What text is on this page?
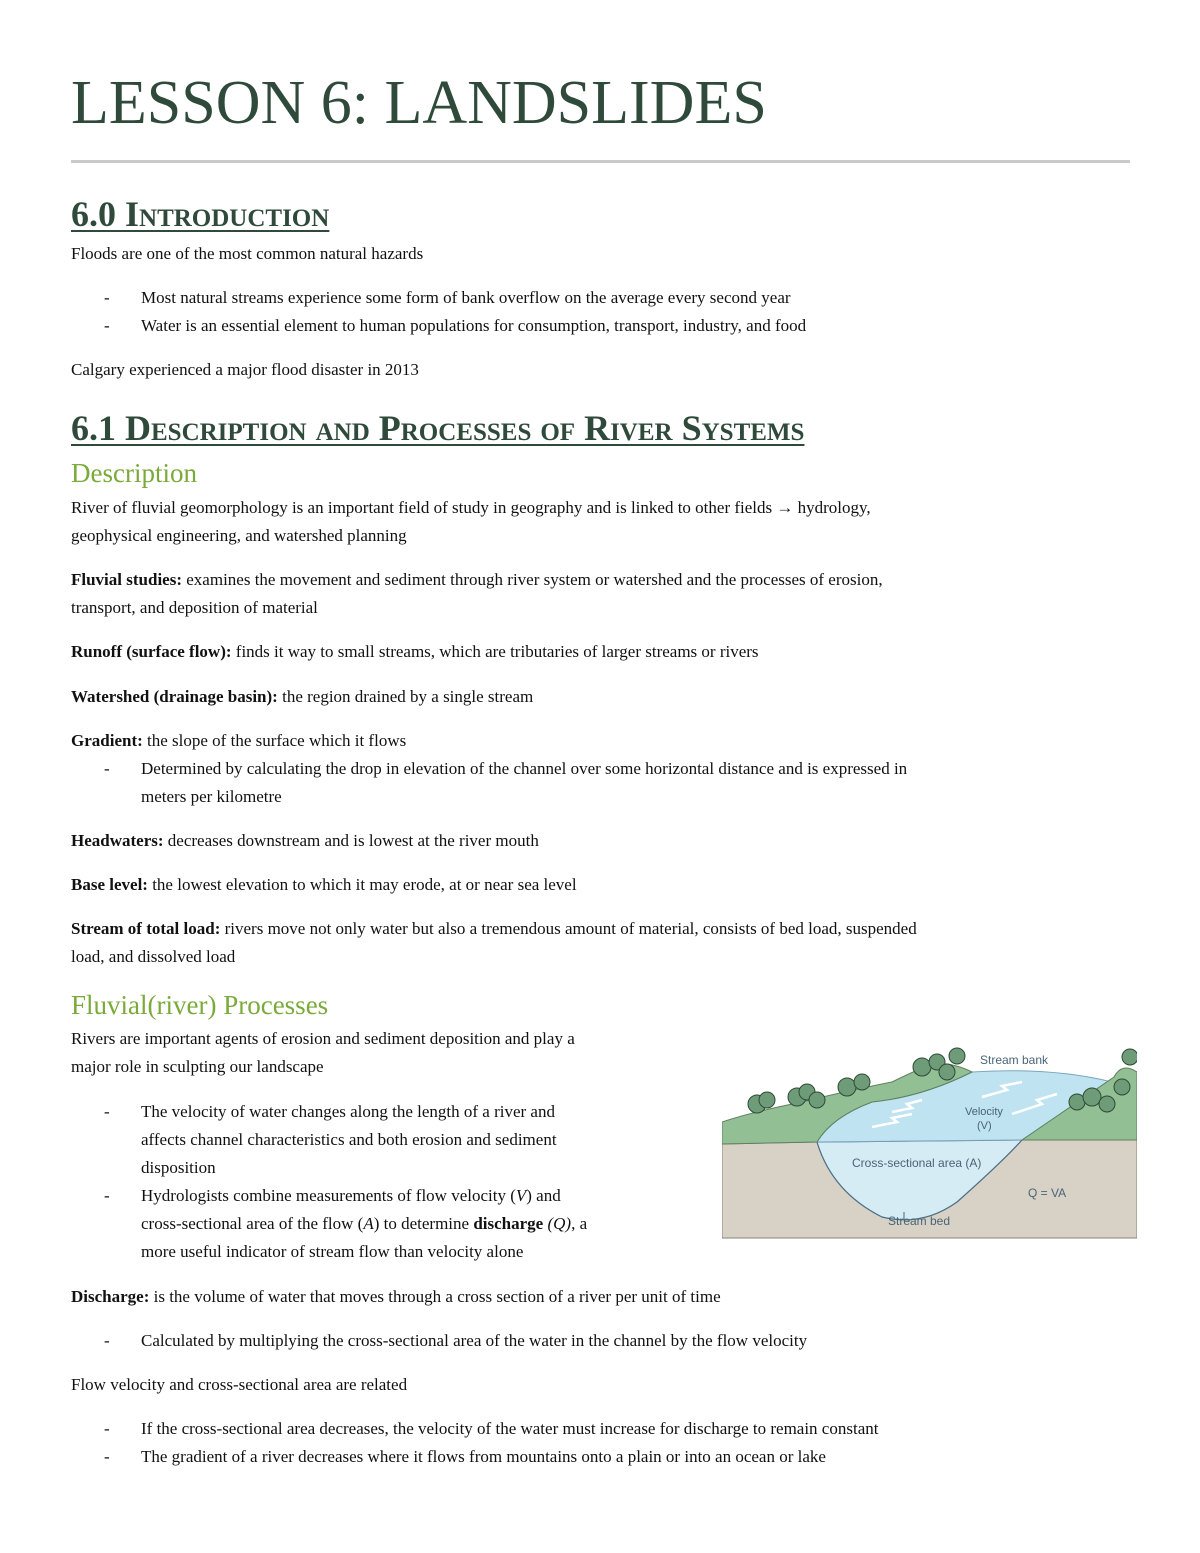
LESSON 6: LANDSLIDES
6.0 Introduction

Floods are one of the most common natural hazards

- Most natural streams experience some form of bank overflow on the average every second year
- Water is an essential element to human populations for consumption, transport, industry, and food

Calgary experienced a major flood disaster in 2013

6.1 Description and Processes of River Systems
Description

River of fluvial geomorphology is an important field of study in geography and is linked to other fields → hydrology,

geophysical engineering, and watershed planning

Fluvial studies: examines the movement and sediment through river system or watershed and the processes of erosion,

transport, and deposition of material

Runoff (surface flow): finds it way to small streams, which are tributaries of larger streams or rivers

Watershed (drainage basin): the region drained by a single stream

Gradient: the slope of the surface which it flows

- Determined by calculating the drop in elevation of the channel over some horizontal distance and is expressed in
meters per kilometre

Headwaters: decreases downstream and is lowest at the river mouth

Base level: the lowest elevation to which it may erode, at or near sea level

Stream of total load: rivers move not only water but also a tremendous amount of material, consists of bed load, suspended

load, and dissolved load

Fluvial(river) Processes

Rivers are important agents of erosion and sediment deposition and play a

major role in sculpting our landscape

- The velocity of water changes along the length of a river and
affects channel characteristics and both erosion and sediment
disposition
- Hydrologists combine measurements of flow velocity (V) and
cross-sectional area of the flow (A) to determine discharge (Q), a
more useful indicator of stream flow than velocity alone

Discharge: is the volume of water that moves through a cross section of a river per unit of time

- Calculated by multiplying the cross-sectional area of the water in the channel by the flow velocity

Flow velocity and cross-sectional area are related

- If the cross-sectional area decreases, the velocity of the water must increase for discharge to remain constant
- The gradient of a river decreases where it flows from mountains onto a plain or into an ocean or lake
Stream bank
Velocity
(V)
Cross-sectional area (A)
Q = VA
Stream bed
